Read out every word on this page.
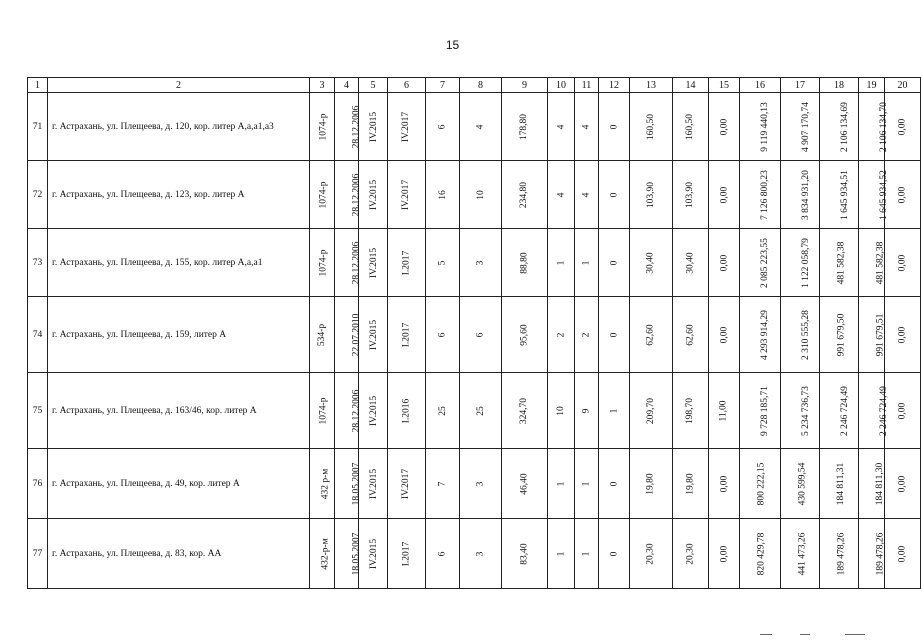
15
1	2	3	4	5	6	7	8	9	10	11	12	13	14	15	16	17	18	19	20
71	г. Астрахань, ул. Плещеева, д. 120, кор. литер А,а,а1,а3	1074-р	28.12.2006	IV.2015	IV.2017	6	4	178,80	4	4	0	160,50	160,50	0,00	9 119 440,13	4 907 170,74	2 106 134,69	2 106 134,70	0,00
72	г. Астрахань, ул. Плещеева, д. 123, кор. литер А	1074-р	28.12.2006	IV.2015	IV.2017	16	10	234,80	4	4	0	103,90	103,90	0,00	7 126 800,23	3 834 931,20	1 645 934,51	1 645 934,52	0,00
73	г. Астрахань, ул. Плещеева, д. 155, кор. литер А,а,а1	1074-р	28.12.2006	IV.2015	I.2017	5	3	88,80	1	1	0	30,40	30,40	0,00	2 085 223,55	1 122 058,79	481 582,38	481 582,38	0,00
74	г. Астрахань, ул. Плещеева, д. 159, литер А	534-р	22.07.2010	IV.2015	I.2017	6	6	95,60	2	2	0	62,60	62,60	0,00	4 293 914,29	2 310 555,28	991 679,50	991 679,51	0,00
75	г. Астрахань, ул. Плещеева, д. 163/46, кор. литер А	1074-р	28.12.2006	IV.2015	I.2016	25	25	324,70	10	9	1	209,70	198,70	11,00	9 728 185,71	5 234 736,73	2 246 724,49	2 246 724,49	0,00
76	г. Астрахань, ул. Плещеева, д. 49, кор. литер А	432 р-м	18.05.2007	IV.2015	IV.2017	7	3	46,40	1	1	0	19,80	19,80	0,00	800 222,15	430 599,54	184 811,31	184 811,30	0,00
77	г. Астрахань, ул. Плещеева, д. 83, кор. АА	432-р-м	18.05.2007	IV.2015	I.2017	6	3	83,40	1	1	0	20,30	20,30	0,00	820 429,78	441 473,26	189 478,26	189 478,26	0,00
